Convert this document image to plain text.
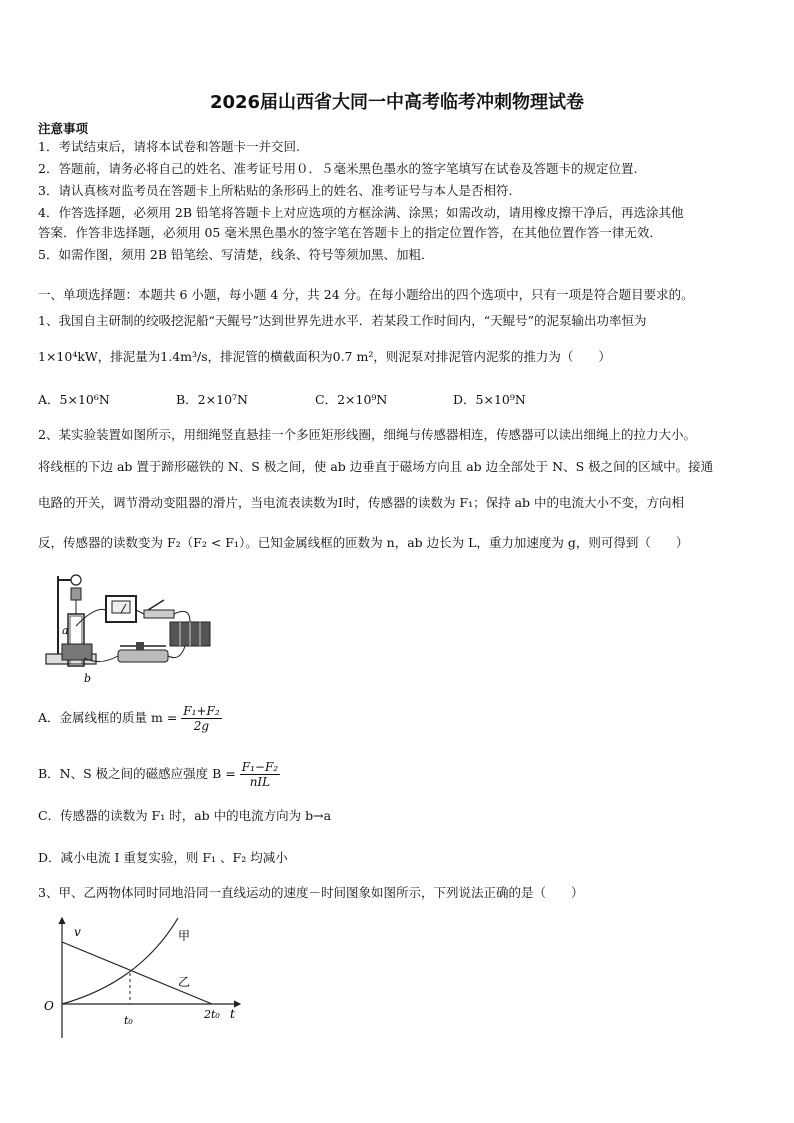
2026届山西省大同一中高考临考冲刺物理试卷
注意事项
1．考试结束后，请将本试卷和答题卡一并交回.
2．答题前，请务必将自己的姓名、准考证号用０．５毫米黑色墨水的签字笔填写在试卷及答题卡的规定位置.
3．请认真核对监考员在答题卡上所粘贴的条形码上的姓名、准考证号与本人是否相符.
4．作答选择题，必须用 2B 铅笔将答题卡上对应选项的方框涂满、涂黑；如需改动，请用橡皮擦干净后，再选涂其他
答案．作答非选择题，必须用 05 毫米黑色墨水的签字笔在答题卡上的指定位置作答，在其他位置作答一律无效．
5．如需作图，须用 2B 铅笔绘、写清楚，线条、符号等须加黑、加粗．
一、单项选择题：本题共 6 小题，每小题 4 分，共 24 分。在每小题给出的四个选项中，只有一项是符合题目要求的。
1、我国自主研制的绞吸挖泥船“天鲲号”达到世界先进水平．若某段工作时间内，“天鲲号”的泥泵输出功率恒为
1×10⁴kW，排泥量为1.4m³/s，排泥管的横截面积为0.7 m²，则泥泵对排泥管内泥浆的推力为（　　）
A．5×10⁶N	B．2×10⁷N	C．2×10⁹N	D．5×10⁹N
2、某实验装置如图所示，用细绳竖直悬挂一个多匝矩形线圈，细绳与传感器相连，传感器可以读出细绳上的拉力大小。
将线框的下边 ab 置于蹄形磁铁的 N、S 极之间，使 ab 边垂直于磁场方向且 ab 边全部处于 N、S 极之间的区域中。接通
电路的开关，调节滑动变阻器的滑片，当电流表读数为I时，传感器的读数为 F₁；保持 ab 中的电流大小不变，方向相
反，传感器的读数变为 F₂（F₂ < F₁）。已知金属线框的匝数为 n，ab 边长为 L，重力加速度为 g，则可得到（　　）
a
b
A．金属线框的质量 $m = \frac{\text{F₁+F₂}}{2g}$
B．N、S 极之间的磁感应强度 $B = \frac{\text{F₁−F₂}}{\text{nIL}}$
C．传感器的读数为 F₁ 时，ab 中的电流方向为 b→a
D．减小电流 I 重复实验，则 F₁ 、F₂ 均减小
3、甲、乙两物体同时同地沿同一直线运动的速度－时间图象如图所示，下列说法正确的是（　　）
v
t
O
t₀	2t₀
甲
乙
